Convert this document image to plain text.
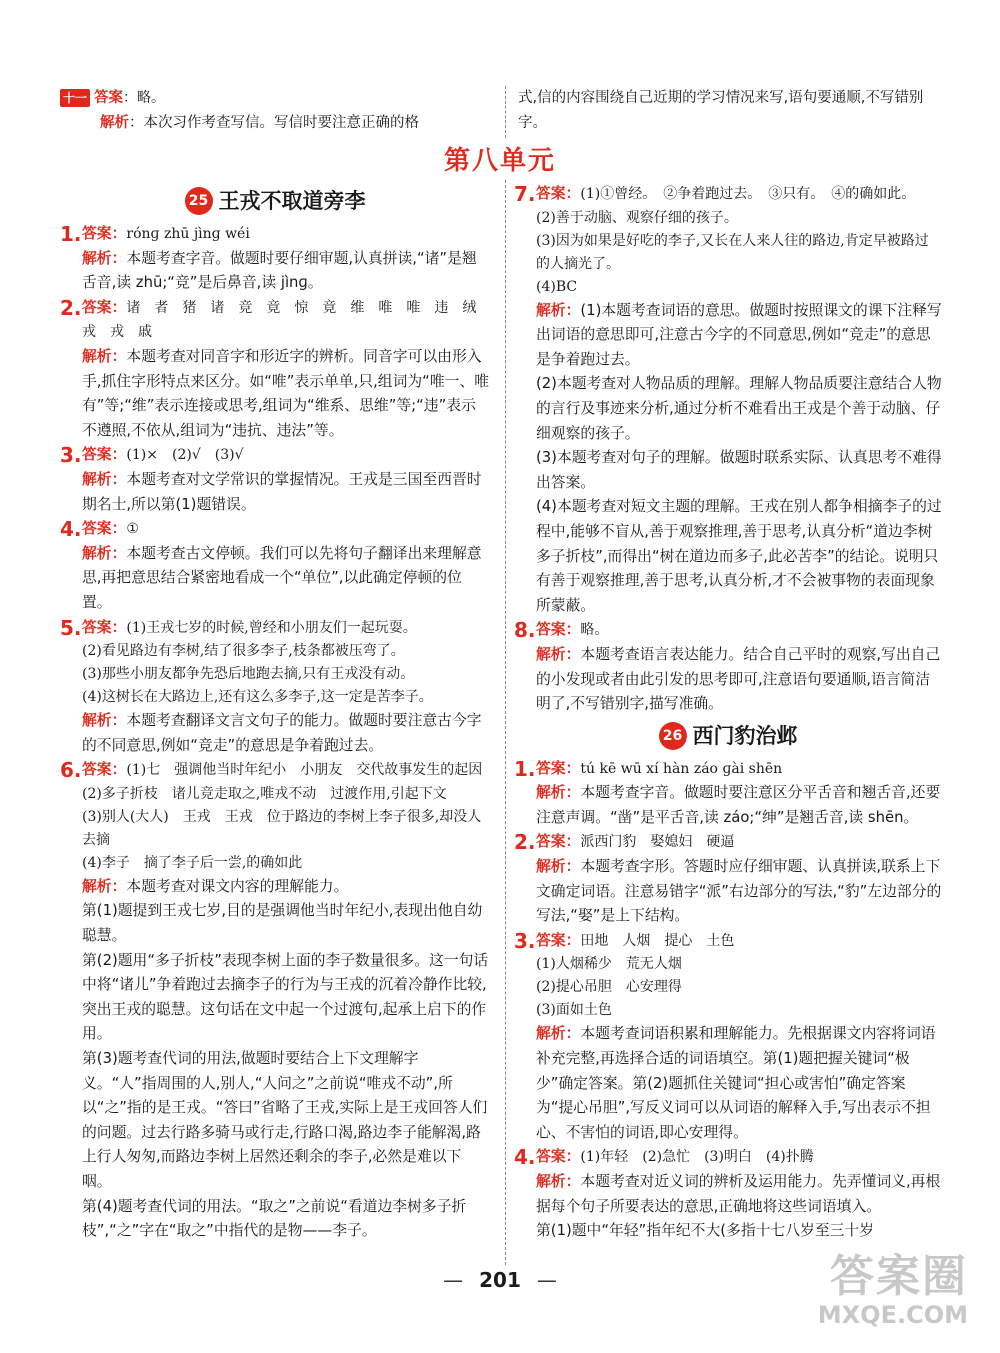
十一 答案：略。

解析：本次习作考查写信。写信时要注意正确的格

式,信的内容围绕自己近期的学习情况来写,语句要通顺,不写错别字。

第八单元
25 王戎不取道旁李
1. 答案：rónɡ zhū jìnɡ wéi

解析：本题考查字音。做题时要仔细审题,认真拼读,“诸”是翘舌音,读 zhū;“竞”是后鼻音,读 jìnɡ。

2. 答案：诸　者　猪　诸　竞　竟　惊　竟　维　唯　唯　违　绒　戎　戎　戚

解析：本题考查对同音字和形近字的辨析。同音字可以由形入手,抓住字形特点来区分。如“唯”表示单单,只,组词为“唯一、唯有”等;“维”表示连接或思考,组词为“维系、思维”等;“违”表示不遵照,不依从,组词为“违抗、违法”等。

3. 答案：(1)×　(2)√　(3)√

解析：本题考查对文学常识的掌握情况。王戎是三国至西晋时期名士,所以第(1)题错误。

4. 答案：①

解析：本题考查古文停顿。我们可以先将句子翻译出来理解意思,再把意思结合紧密地看成一个“单位”,以此确定停顿的位置。

5. 答案：(1)王戎七岁的时候,曾经和小朋友们一起玩耍。

(2)看见路边有李树,结了很多李子,枝条都被压弯了。

(3)那些小朋友都争先恐后地跑去摘,只有王戎没有动。

(4)这树长在大路边上,还有这么多李子,这一定是苦李子。

解析：本题考查翻译文言文句子的能力。做题时要注意古今字的不同意思,例如“竞走”的意思是争着跑过去。

6. 答案：(1)七　强调他当时年纪小　小朋友　交代故事发生的起因

(2)多子折枝　诸儿竞走取之,唯戎不动　过渡作用,引起下文

(3)别人(大人)　王戎　王戎　位于路边的李树上李子很多,却没人去摘

(4)李子　摘了李子后一尝,的确如此

解析：本题考查对课文内容的理解能力。

第(1)题提到王戎七岁,目的是强调他当时年纪小,表现出他自幼聪慧。

第(2)题用“多子折枝”表现李树上面的李子数量很多。这一句话中将“诸儿”争着跑过去摘李子的行为与王戎的沉着冷静作比较,突出王戎的聪慧。这句话在文中起一个过渡句,起承上启下的作用。

第(3)题考查代词的用法,做题时要结合上下文理解字义。“人”指周围的人,别人,“人问之”之前说“唯戎不动”,所以“之”指的是王戎。“答曰”省略了王戎,实际上是王戎回答人们的问题。过去行路多骑马或行走,行路口渴,路边李子能解渴,路上行人匆匆,而路边李树上居然还剩余的李子,必然是难以下咽。

第(4)题考查代词的用法。“取之”之前说“看道边李树多子折枝”,“之”字在“取之”中指代的是物——李子。

7. 答案：(1)①曾经。　②争着跑过去。　③只有。　④的确如此。

(2)善于动脑、观察仔细的孩子。

(3)因为如果是好吃的李子,又长在人来人往的路边,肯定早被路过的人摘光了。

(4)BC

解析：(1)本题考查词语的意思。做题时按照课文的课下注释写出词语的意思即可,注意古今字的不同意思,例如“竞走”的意思是争着跑过去。

(2)本题考查对人物品质的理解。理解人物品质要注意结合人物的言行及事迹来分析,通过分析不难看出王戎是个善于动脑、仔细观察的孩子。

(3)本题考查对句子的理解。做题时联系实际、认真思考不难得出答案。

(4)本题考查对短文主题的理解。王戎在别人都争相摘李子的过程中,能够不盲从,善于观察推理,善于思考,认真分析“道边李树多子折枝”,而得出“树在道边而多子,此必苦李”的结论。说明只有善于观察推理,善于思考,认真分析,才不会被事物的表面现象所蒙蔽。

8. 答案：略。

解析：本题考查语言表达能力。结合自己平时的观察,写出自己的小发现或者由此引发的思考即可,注意语句要通顺,语言简洁明了,不写错别字,描写准确。

26 西门豹治邺
1. 答案：tú kē wū xí hàn záo ɡài shēn

解析：本题考查字音。做题时要注意区分平舌音和翘舌音,还要注意声调。“凿”是平舌音,读 záo;“绅”是翘舌音,读 shēn。

2. 答案：派西门豹　娶媳妇　硬逼

解析：本题考查字形。答题时应仔细审题、认真拼读,联系上下文确定词语。注意易错字“派”右边部分的写法,“豹”左边部分的写法,“娶”是上下结构。

3. 答案：田地　人烟　提心　土色

(1)人烟稀少　荒无人烟

(2)提心吊胆　心安理得

(3)面如土色

解析：本题考查词语积累和理解能力。先根据课文内容将词语补充完整,再选择合适的词语填空。第(1)题把握关键词“极少”确定答案。第(2)题抓住关键词“担心或害怕”确定答案为“提心吊胆”,写反义词可以从词语的解释入手,写出表示不担心、不害怕的词语,即心安理得。

4. 答案：(1)年轻　(2)急忙　(3)明白　(4)扑腾

解析：本题考查对近义词的辨析及运用能力。先弄懂词义,再根据每个句子所要表达的意思,正确地将这些词语填入。

第(1)题中“年轻”指年纪不大(多指十七八岁至三十岁

— 201 —	答案圈
MXQE.COM
